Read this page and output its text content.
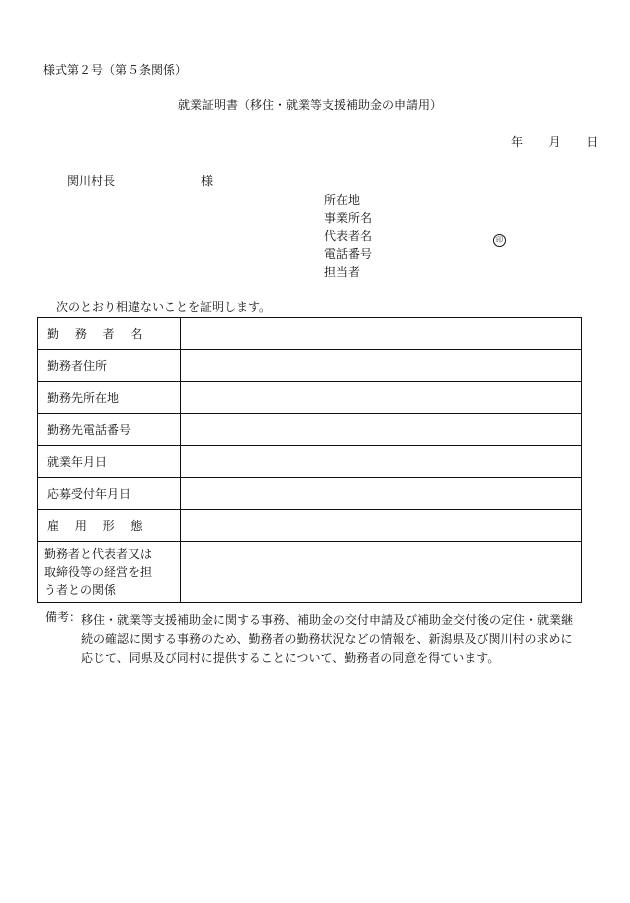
様式第２号（第５条関係）
就業証明書（移住・就業等支援補助金の申請用）
年 月 日
関川村長	様
所在地
事業所名
代表者名
電話番号
担当者
印
次のとおり相違ないことを証明します。
勤 務 者 名	
勤務者住所	
勤務先所在地	
勤務先電話番号	
就業年月日	
応募受付年月日	
雇 用 形 態	

勤務者と代表者又は
取締役等の経営を担
う者との関係	

備考： 移住・就業等支援補助金に関する事務、補助金の交付申請及び補助金交付後の定住・就業継
続の確認に関する事務のため、勤務者の勤務状況などの情報を、新潟県及び関川村の求めに
応じて、同県及び同村に提供することについて、勤務者の同意を得ています。
